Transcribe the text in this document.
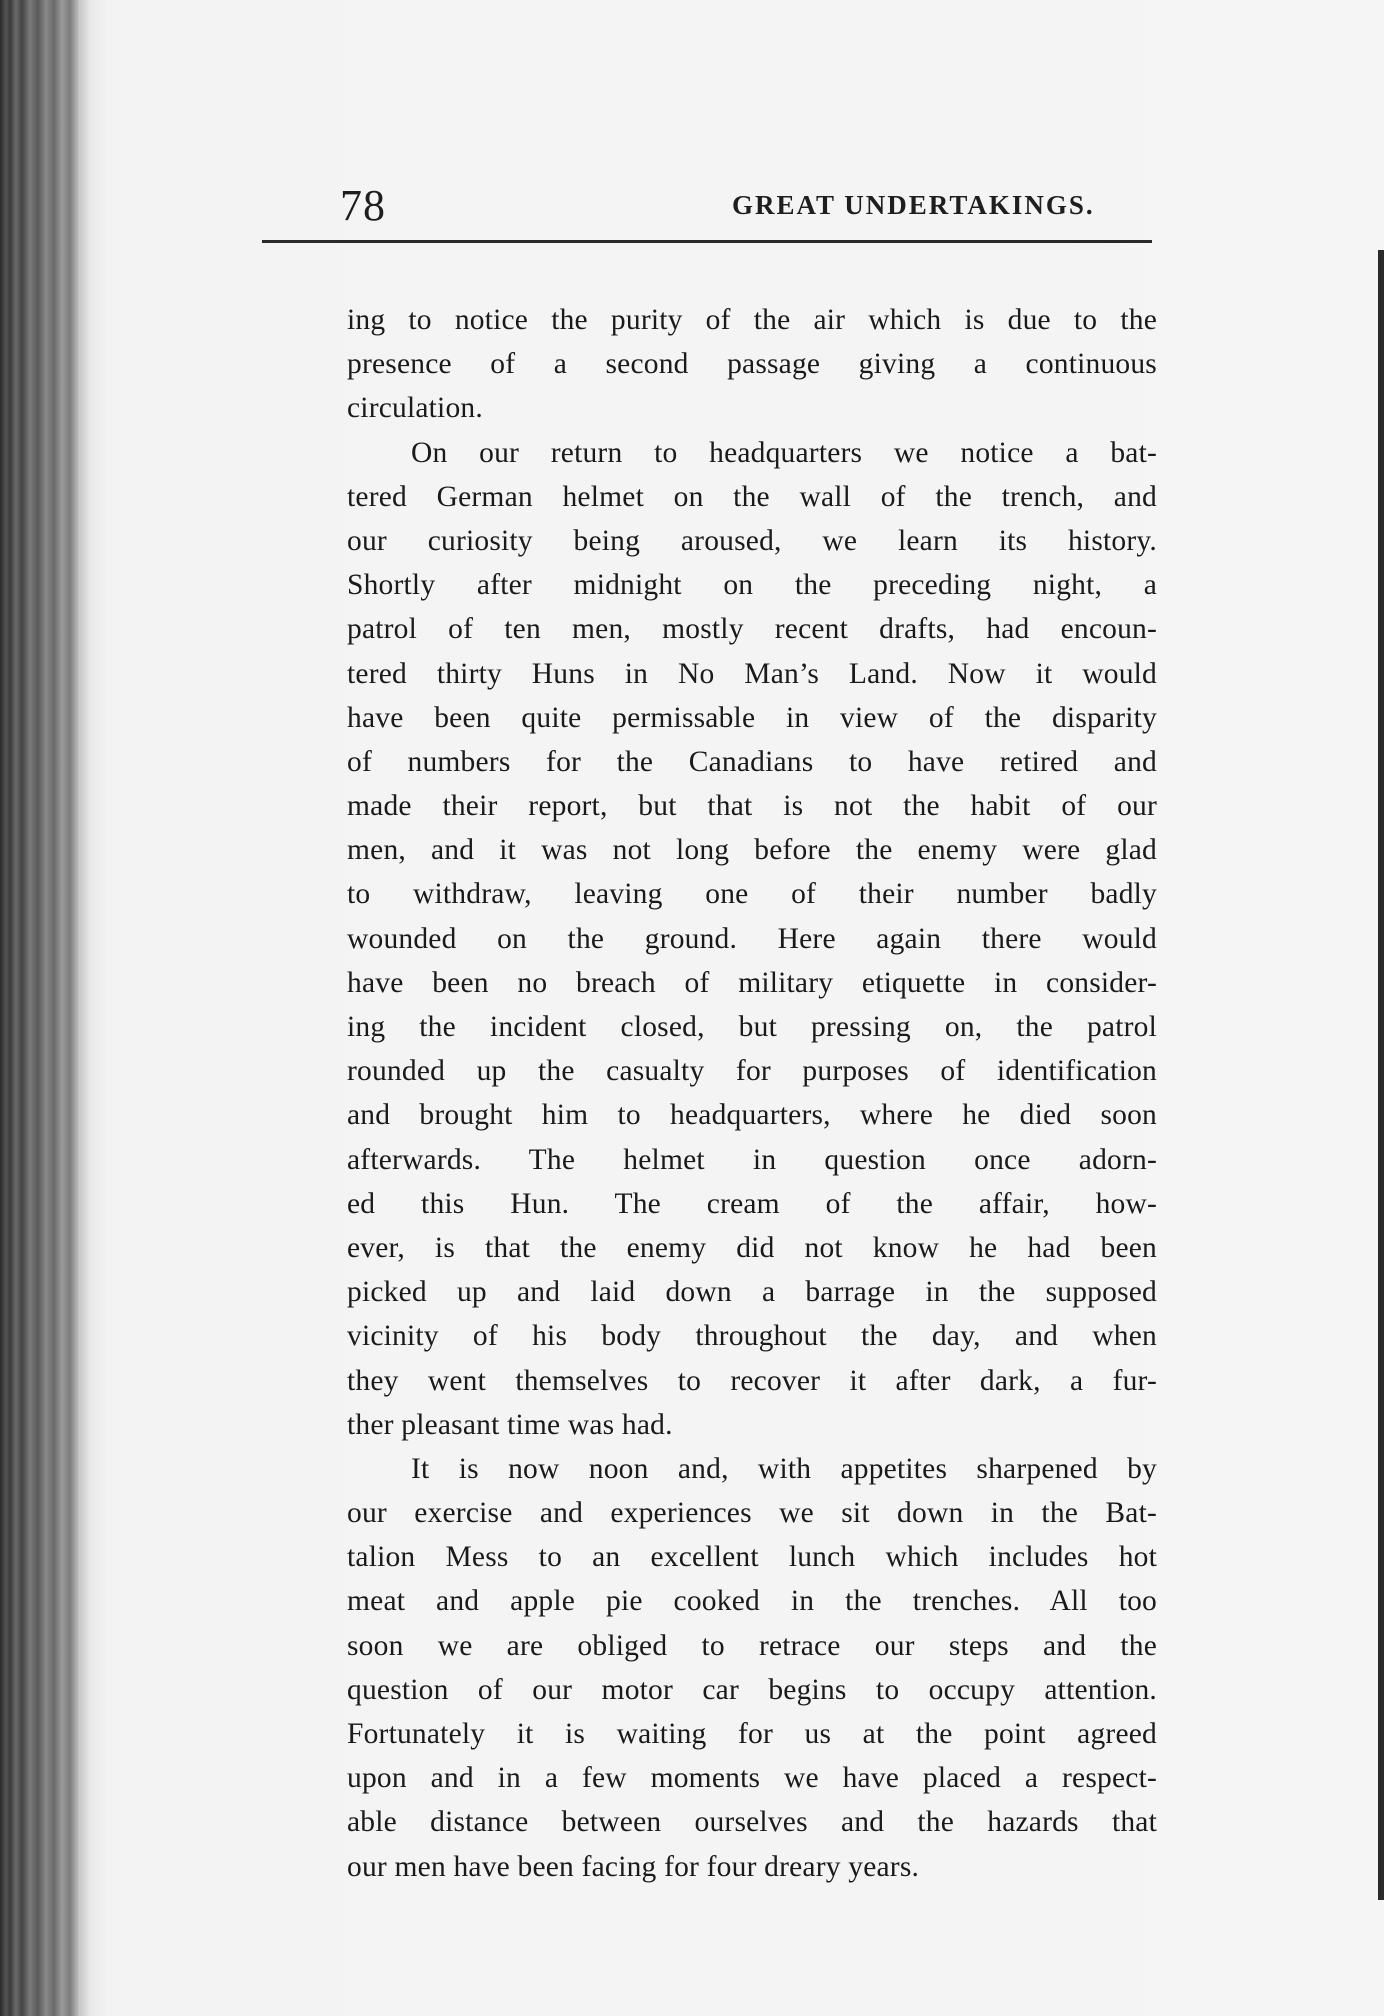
78	GREAT UNDERTAKINGS.
ing to notice the purity of the air which is due to the
presence of a second passage giving a continuous
circulation.
On our return to headquarters we notice a bat-
tered German helmet on the wall of the trench, and
our curiosity being aroused, we learn its history.
Shortly after midnight on the preceding night, a
patrol of ten men, mostly recent drafts, had encoun-
tered thirty Huns in No Man’s Land. Now it would
have been quite permissable in view of the disparity
of numbers for the Canadians to have retired and
made their report, but that is not the habit of our
men, and it was not long before the enemy were glad
to withdraw, leaving one of their number badly
wounded on the ground. Here again there would
have been no breach of military etiquette in consider-
ing the incident closed, but pressing on, the patrol
rounded up the casualty for purposes of identification
and brought him to headquarters, where he died soon
afterwards. The helmet in question once adorn-
ed this Hun. The cream of the affair, how-
ever, is that the enemy did not know he had been
picked up and laid down a barrage in the supposed
vicinity of his body throughout the day, and when
they went themselves to recover it after dark, a fur-
ther pleasant time was had.
It is now noon and, with appetites sharpened by
our exercise and experiences we sit down in the Bat-
talion Mess to an excellent lunch which includes hot
meat and apple pie cooked in the trenches. All too
soon we are obliged to retrace our steps and the
question of our motor car begins to occupy attention.
Fortunately it is waiting for us at the point agreed
upon and in a few moments we have placed a respect-
able distance between ourselves and the hazards that
our men have been facing for four dreary years.
